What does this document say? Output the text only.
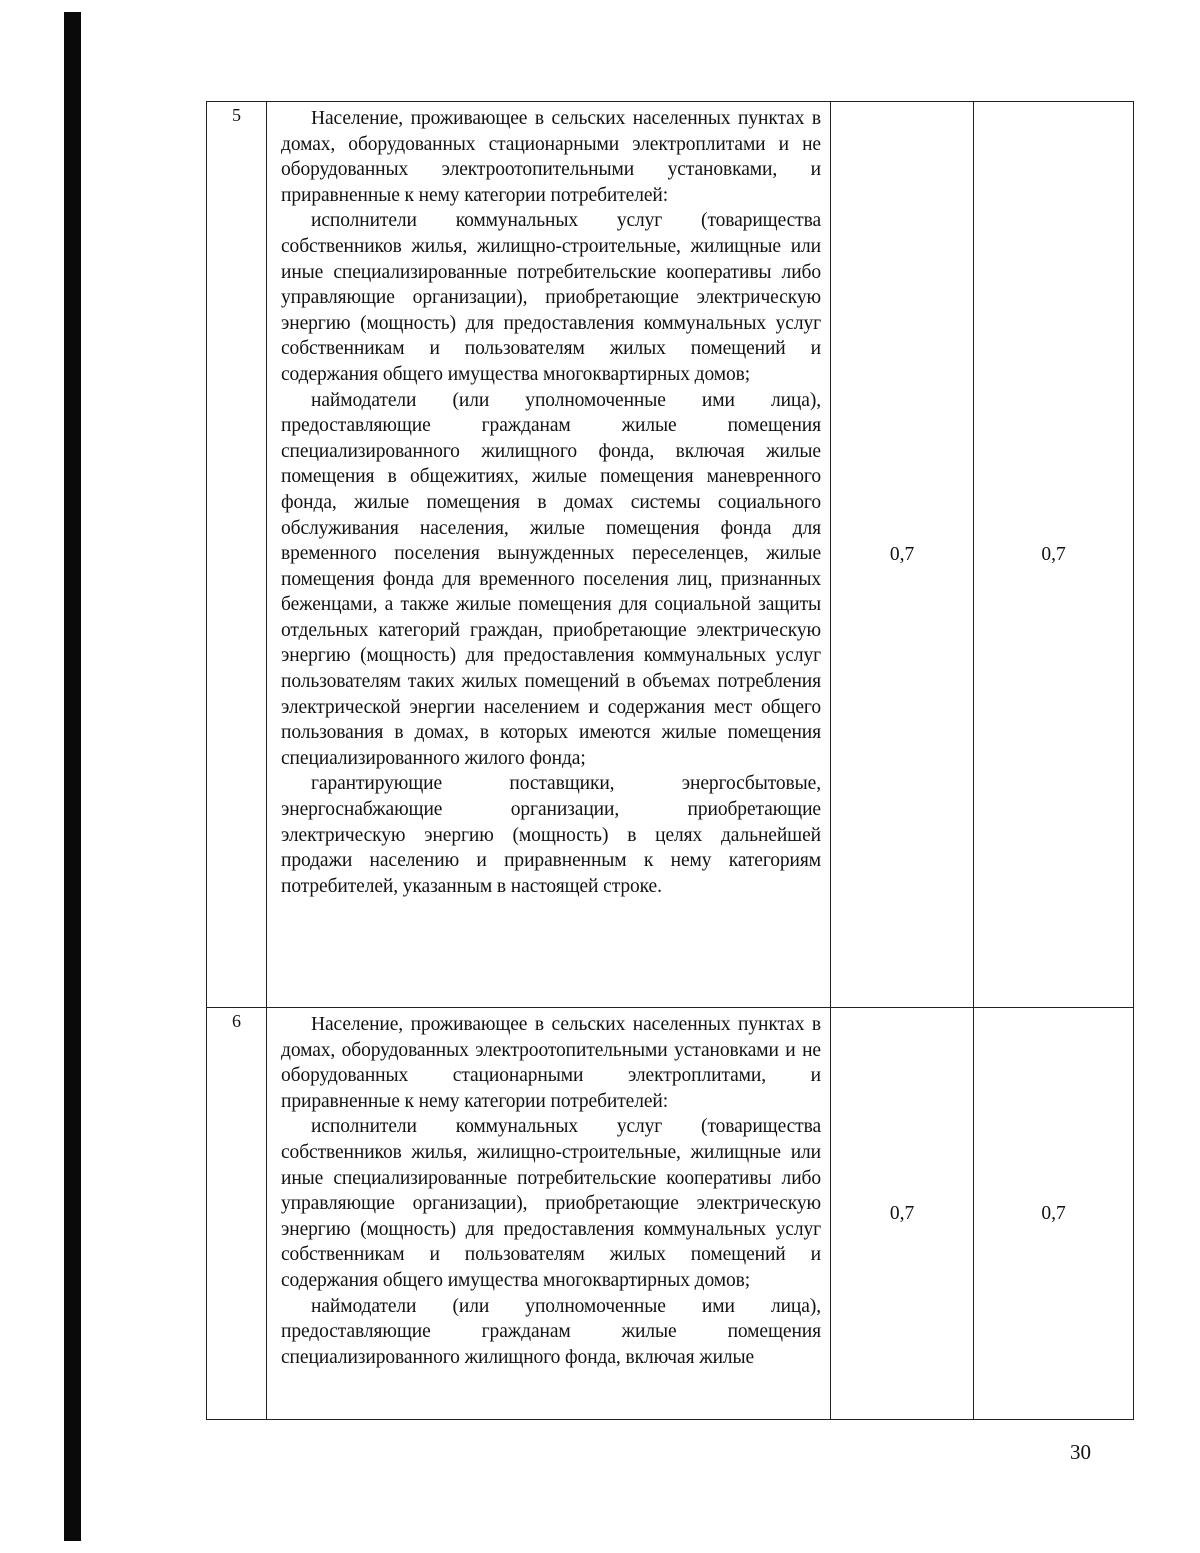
5	Население, проживающее в сельских населенных пунктах в домах, оборудованных стационарными электроплитами и не оборудованных электроотопительными установками, и приравненные к нему категории потребителей:

исполнители коммунальных услуг (товарищества собственников жилья, жилищно-строительные, жилищные или иные специализированные потребительские кооперативы либо управляющие организации), приобретающие электрическую энергию (мощность) для предоставления коммунальных услуг собственникам и пользователям жилых помещений и содержания общего имущества многоквартирных домов;

наймодатели (или уполномоченные ими лица), предоставляющие гражданам жилые помещения специализированного жилищного фонда, включая жилые помещения в общежитиях, жилые помещения маневренного фонда, жилые помещения в домах системы социального обслуживания населения, жилые помещения фонда для временного поселения вынужденных переселенцев, жилые помещения фонда для временного поселения лиц, признанных беженцами, а также жилые помещения для социальной защиты отдельных категорий граждан, приобретающие электрическую энергию (мощность) для предоставления коммунальных услуг пользователям таких жилых помещений в объемах потребления электрической энергии населением и содержания мест общего пользования в домах, в которых имеются жилые помещения специализированного жилого фонда;

гарантирующие поставщики, энергосбытовые, энергоснабжающие организации, приобретающие электрическую энергию (мощность) в целях дальнейшей продажи населению и приравненным к нему категориям потребителей, указанным в настоящей строке.	0,7	0,7
6	Население, проживающее в сельских населенных пунктах в домах, оборудованных электроотопительными установками и не оборудованных стационарными электроплитами, и приравненные к нему категории потребителей:

исполнители коммунальных услуг (товарищества собственников жилья, жилищно-строительные, жилищные или иные специализированные потребительские кооперативы либо управляющие организации), приобретающие электрическую энергию (мощность) для предоставления коммунальных услуг собственникам и пользователям жилых помещений и содержания общего имущества многоквартирных домов;

наймодатели (или уполномоченные ими лица), предоставляющие гражданам жилые помещения специализированного жилищного фонда, включая жилые	0,7	0,7
30
